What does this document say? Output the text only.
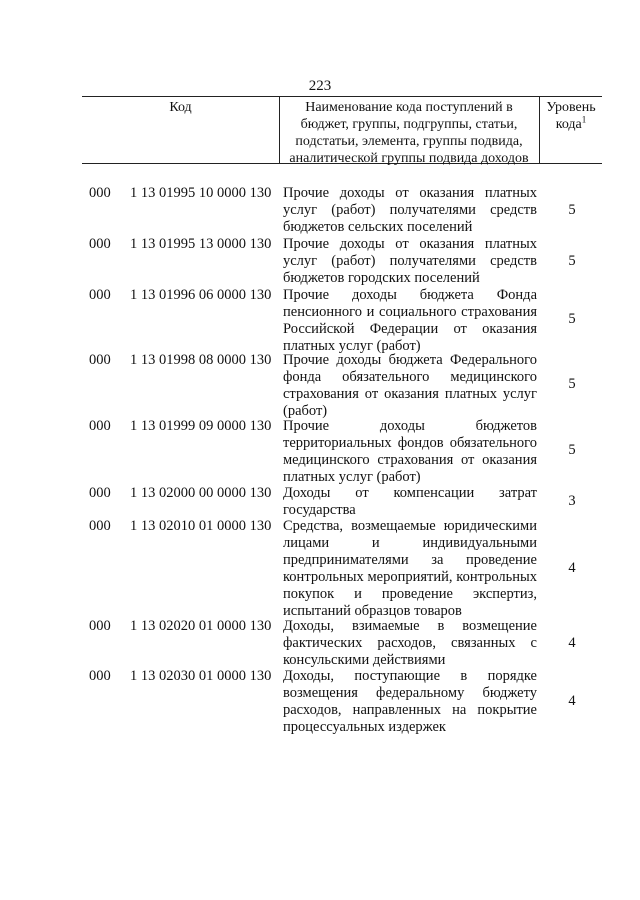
223
Код	Наименование кода поступлений в бюджет, группы, подгруппы, статьи, подстатьи, элемента, группы подвида, аналитической группы подвида доходов
Уровень кода$^1$
000 1 13 01995 10 0000 130 Прочие доходы от оказания платных услуг (работ) получателями средств бюджетов сельских поселений
5
000 1 13 01995 13 0000 130 Прочие доходы от оказания платных услуг (работ) получателями средств бюджетов городских поселений
5
000 1 13 01996 06 0000 130 Прочие доходы бюджета Фонда пенсионного и социального страхования Российской Федерации от оказания платных услуг (работ)
5
000 1 13 01998 08 0000 130 Прочие доходы бюджета Федерального фонда обязательного медицинского страхования от оказания платных услуг (работ)
5
000 1 13 01999 09 0000 130 Прочие доходы бюджетов территориальных фондов обязательного медицинского страхования от оказания платных услуг (работ)
5
000 1 13 02000 00 0000 130 Доходы от компенсации затрат государства
3
000 1 13 02010 01 0000 130 Средства, возмещаемые юридическими лицами и индивидуальными предпринимателями за проведение контрольных мероприятий, контрольных покупок и проведение экспертиз, испытаний образцов товаров
4
000 1 13 02020 01 0000 130 Доходы, взимаемые в возмещение фактических расходов, связанных с консульскими действиями
4
000 1 13 02030 01 0000 130 Доходы, поступающие в порядке возмещения федеральному бюджету расходов, направленных на покрытие процессуальных издержек
4
